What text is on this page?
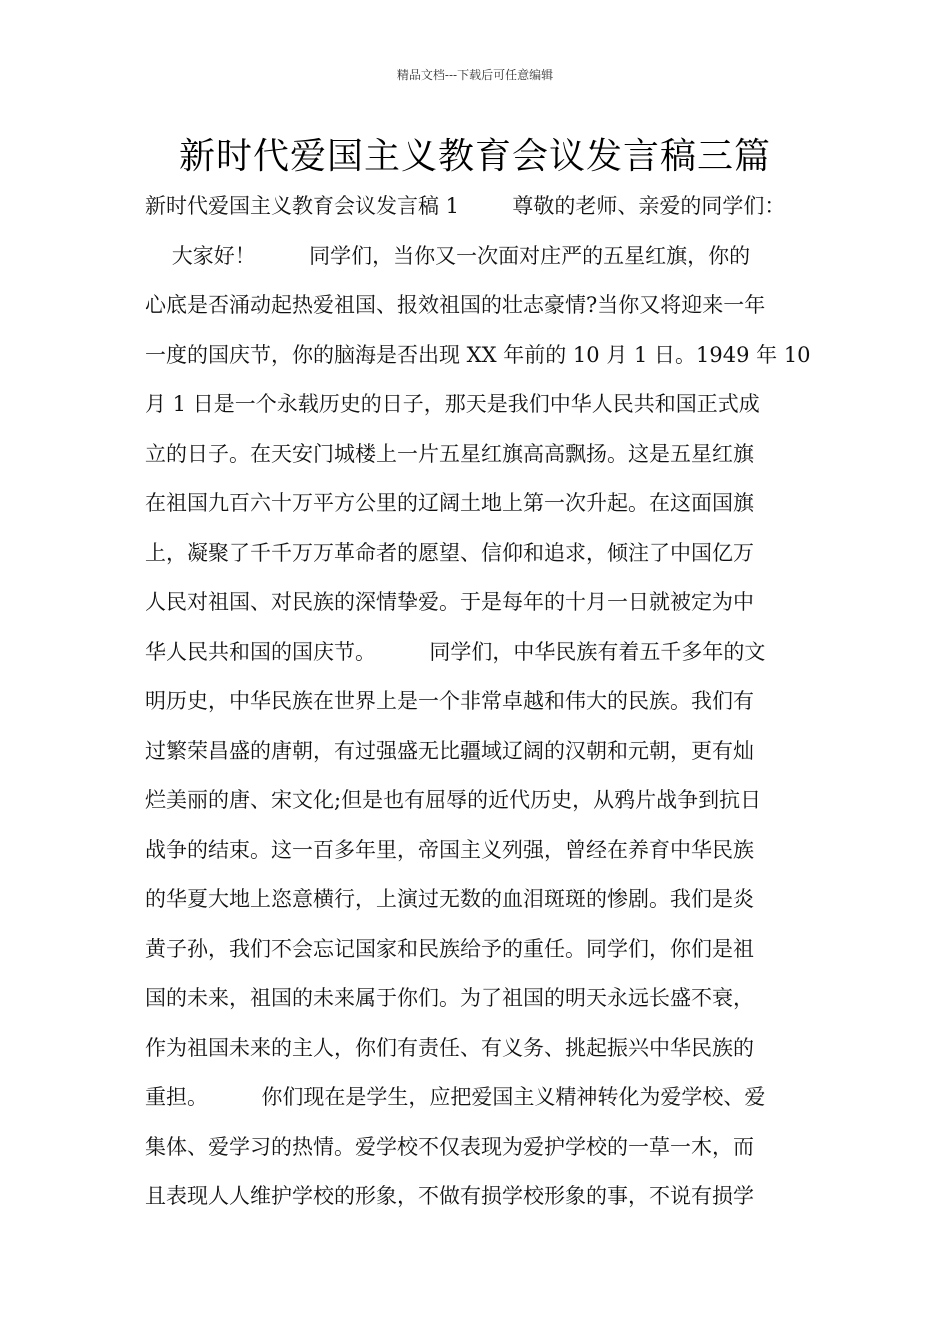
精品文档---下载后可任意编辑
新时代爱国主义教育会议发言稿三篇
新时代爱国主义教育会议发言稿 1        尊敬的老师、亲爱的同学们：
大家好！        同学们，当你又一次面对庄严的五星红旗，你的
心底是否涌动起热爱祖国、报效祖国的壮志豪情?当你又将迎来一年
一度的国庆节，你的脑海是否出现 XX 年前的 10 月 1 日。1949 年 10
月 1 日是一个永载历史的日子，那天是我们中华人民共和国正式成
立的日子。在天安门城楼上一片五星红旗高高飘扬。这是五星红旗
在祖国九百六十万平方公里的辽阔土地上第一次升起。在这面国旗
上，凝聚了千千万万革命者的愿望、信仰和追求，倾注了中国亿万
人民对祖国、对民族的深情挚爱。于是每年的十月一日就被定为中
华人民共和国的国庆节。        同学们，中华民族有着五千多年的文
明历史，中华民族在世界上是一个非常卓越和伟大的民族。我们有
过繁荣昌盛的唐朝，有过强盛无比疆域辽阔的汉朝和元朝，更有灿
烂美丽的唐、宋文化;但是也有屈辱的近代历史，从鸦片战争到抗日
战争的结束。这一百多年里，帝国主义列强，曾经在养育中华民族
的华夏大地上恣意横行，上演过无数的血泪斑斑的惨剧。我们是炎
黄子孙，我们不会忘记国家和民族给予的重任。同学们，你们是祖
国的未来，祖国的未来属于你们。为了祖国的明天永远长盛不衰，
作为祖国未来的主人，你们有责任、有义务、挑起振兴中华民族的
重担。        你们现在是学生，应把爱国主义精神转化为爱学校、爱
集体、爱学习的热情。爱学校不仅表现为爱护学校的一草一木，而
且表现人人维护学校的形象，不做有损学校形象的事，不说有损学
